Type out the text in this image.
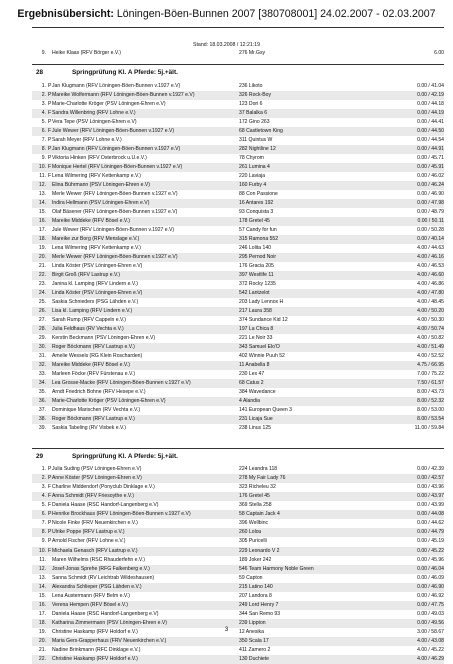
Ergebnisübersicht: Löningen-Böen-Bunnen 2007 [380708001] 24.02.2007 - 02.03.2007
Stand: 18.03.2008 / 12:21:19
9. Heike Klaas (RFV Börger e.V.)	276 Mr.Gsy	6.00
28	Springprüfung Kl. A Pferde: 5j.+ält.
1. P Jan Klugmann (RFV Löningen-Böen-Bunnen v.1927 e.V)	236 Likoto	0.00 / 41.04
2. P Mareike Wolfermann (RFV Löningen-Böen-Bunnen v.1927 e.V)	326 Rock-Boy	0.00 / 42.19
3. P Marie-Charlotte Kröger (PSV Löningen-Ehren e.V)	123 Dori 6	0.00 / 44.18
4. F Sandra Willenbring (RFV Lohne e.V.)	37 Balalka 6	0.00 / 44.19
5. P Vera Tepe (PSV Löningen-Ehren e.V)	172 Gino 263	0.00 / 44.41
6. F Jule Wewer (RFV Löningen-Böen-Bunnen v.1927 e.V)	68 Castletown King	0.00 / 44.50
7. P Sarah Meyer (RFV Lohne e.V.)	311 Quintus W	0.00 / 44.54
8. P Jan Klugmann (RFV Löningen-Böen-Bunnen v.1927 e.V)	282 Nightline 12	0.00 / 44.91
9. P Viktoria Hinken (RFV Osterbrock u.U.e.V.)	78 Chyrom	0.00 / 45.71
10. F Monique Hertel (RFV Löningen-Böen-Bunnen v.1927 e.V)	261 Lumina 4	0.00 / 45.91
11. F Lena Wilmering (RFV Kettenkamp e.V.)	220 Laviaja	0.00 / 46.02
12. Elina Bührmann (PSV Löningen-Ehren e.V)	160 Furby 4	0.00 / 46.24
13. Merle Wewer (RFV Löningen-Böen-Bunnen v.1927 e.V)	88 Con Passione	0.00 / 46.90
14. Indira Hellmann (PSV Löningen-Ehren e.V)	16 Antares 192	0.00 / 47.98
15. Olaf Bäsener (RFV Löningen-Böen-Bunnen v.1927 e.V)	93 Conquista 3	0.00 / 48.79
16. Mareike Middeke (RFV Bösel e.V.)	178 Gretel 45	0.00 / 50.11
17. Jule Wewer (RFV Löningen-Böen-Bunnen v.1927 e.V)	57 Candy for fun	0.00 / 50.28
18. Mareike zur Borg (RFV Menslage e.V.)	315 Ramona 552	0.00 / 40.14
19. Lena Wilmering (RFV Kettenkamp e.V.)	246 Lolita 140	4.00 / 44.63
20. Merle Wewer (RFV Löningen-Böen-Bunnen v.1927 e.V)	295 Pernod Noir	4.00 / 46.16
21. Linda Köster (PSV Löningen-Ehren e.V)	176 Gracia 205	4.00 / 46.53
22. Birgit Groß (RFV Lastrup e.V.)	397 Westlife 11	4.00 / 46.60
23. Janina kl. Lamping (RFV Lindern e.V.)	372 Rocky 1235	4.00 / 46.86
24. Linda Köster (PSV Löningen-Ehren e.V)	542 Lantzelot	4.00 / 47.80
25. Saskia Schnieders (PSG Lähden e.V.)	203 Lady Lennox H	4.00 / 48.45
26. Lisa kl. Lamping (RFV Lindern e.V.)	217 Laura 358	4.00 / 50.20
27. Sarah Rump (RFV Cappeln e.V.)	374 Sundance Kid 12	4.00 / 50.30
28. Julia Feldhaus (RV Vechta e.V.)	197 La Chica 8	4.00 / 50.74
29. Kerstin Beckmann (PSV Löningen-Ehren e.V)	221 Le Noir 33	4.00 / 50.82
30. Roger Böckmann (RFV Lastrup e.V.)	343 Samuel Elo'O	4.00 / 51.49
31. Amelie Wessels (RG Klein Roscharden)	402 Winnie Puuh 52	4.00 / 52.52
32. Mareike Middeke (RFV Bösel e.V.)	11 Anabella 8	4.75 / 66.95
33. Marleen Föcke (RFV Fürstenau e.V.)	230 Lex 47	7.00 / 75.22
34. Lea Grosse-Macke (RFV Löningen-Böen-Bunnen v.1927 e.V)	68 Catus 2	7.50 / 61.57
35. Arndt Friedrich Bohne (RFV Hesepe e.V.)	384 Wavedance	8.00 / 43.73
36. Marie-Charlotte Kröger (PSV Löningen-Ehren e.V)	4 Alandia	8.00 / 52.32
37. Dominique Marischen (RV Vechta e.V.)	141 European Queen 3	8.00 / 53.00
38. Roger Böckmann (RFV Lastrup e.V.)	231 Licaja Sue	8.00 / 53.54
39. Saskia Tabeling (RV Visbek e.V.)	238 Linus 125	11.00 / 59.84
29	Springprüfung Kl. A Pferde: 5j.+ält.
1. P Julia Suding (PSV Löningen-Ehren e.V)	224 Leandra 118	0.00 / 42.39
2. P Anne Köster (PSV Löningen-Ehren e.V)	278 My Fair Lady 76	0.00 / 42.57
3. F Charline Middendorf (Ponyclub Dinklage e.V.)	323 Richeleu 32	0.00 / 43.96
4. F Anna Schmidt (RFV Friesoythe e.V.)	176 Gretel 45	0.00 / 43.97
5. F Daniela Haase (RSC Handorf-Langenberg e.V)	369 Stella 258	0.00 / 43.99
6. P Henrike Brockhaus (RFV Löningen-Böen-Bunnen v.1927 e.V)	58 Captain Jack 4	0.00 / 44.08
7. P Nicole Finke (FRV Neuenkirchen e.V.)	396 Wellbinc	0.00 / 44.62
8. P Ulrike Poppe (RFV Lastrup e.V.)	260 Lolou	0.00 / 44.79
9. P Arnold Fischer (RFV Lohne e.V.)	305 Puricelli	0.00 / 45.19
10. F Michaela Genasch (RFV Lastrup e.V.)	229 Leonardo V 2	0.00 / 45.22
11. Maren Wilhelms (RSC Rhauderfehn e.V.)	189 Joker 242	0.00 / 45.96
12. Josef-Jonas Sprehe (RFG Falkenberg e.V.)	546 Team Harmony Noble Green	0.00 / 46.04
13. Sanna Schmidt (RV Leichtrab Wildeshausen)	59 Capton	0.00 / 46.09
14. Alexandra Schlieper (PSG Lähden e.V.)	215 Latino 140	0.00 / 46.90
15. Lena Austermann (RFV Belm e.V.)	207 Landora 8	0.00 / 46.92
16. Verena Hempen (RFV Bösel e.V.)	249 Lord Henry 7	0.00 / 47.75
17. Daniela Haase (RSC Handorf-Langenberg e.V)	344 San Remo 93	0.00 / 49.03
18. Katharina Zimmermann (PSV Löningen-Ehren e.V)	239 Lippton	0.00 / 49.56
19. Christine Haskamp (RFV Holdorf e.V.)	12 Anesika	3.00 / 58.67
20. Maria Gers-Grapperhaus (FRV Neuenkirchen e.V.)	350 Scala 17	4.00 / 43.08
21. Nadine Brinkmann (RFC Dinklage e.V.)	411 Zamero 2	4.00 / 45.22
22. Christine Haskamp (RFV Holdorf e.V.)	130 Duchiete	4.00 / 46.29
3
